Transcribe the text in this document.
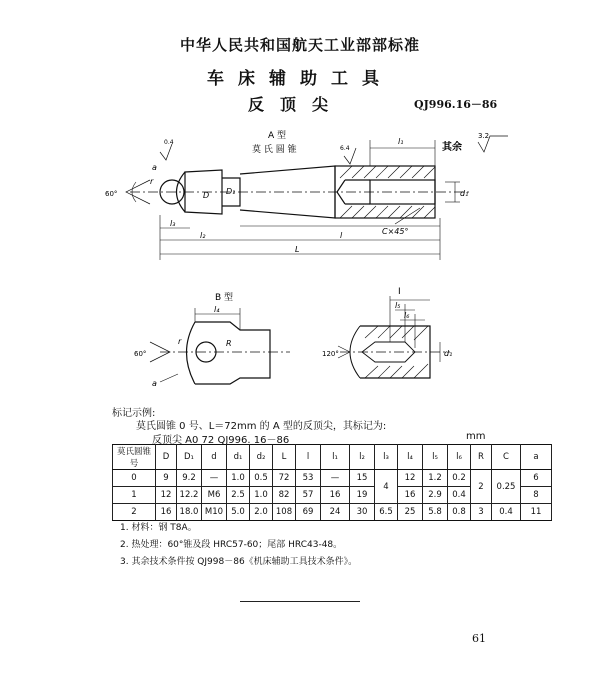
中华人民共和国航天工业部部标准
车床辅助工具
反顶尖	QJ996.16－86
A 型
莫 氏 圆 锥	其余
3.2
0.4
6.4
60°
a
r
D D₁
l₃
l₁
l₂	l
L
d₁
C×45°
B 型
I
l₄
60°
a
r	R
l₅
l₆
120°	d₁
标记示例:
莫氏圆锥 0 号、L＝72mm 的 A 型的反顶尖，其标记为:
反顶尖 A0 72 QJ996. 16－86	mm
莫氏圆锥号	D	D₁	d	d₁	d₂	L	l	l₁	l₂	l₃	l₄	l₅	l₆	R	C	a
0	9	9.2	—	1.0	0.5	72	53	—	15	4	12	1.2	0.2	2	0.25	6
1	12	12.2	M6	2.5	1.0	82	57	16	19		16	2.9	0.4			8
2	16	18.0	M10	5.0	2.0	108	69	24	30	6.5	25	5.8	0.8	3	0.4	11
1. 材料：钢 T8A。
2. 热处理：60°锥及段 HRC57-60；尾部 HRC43-48。
3. 其余技术条件按 QJ998－86《机床辅助工具技术条件》。
61
